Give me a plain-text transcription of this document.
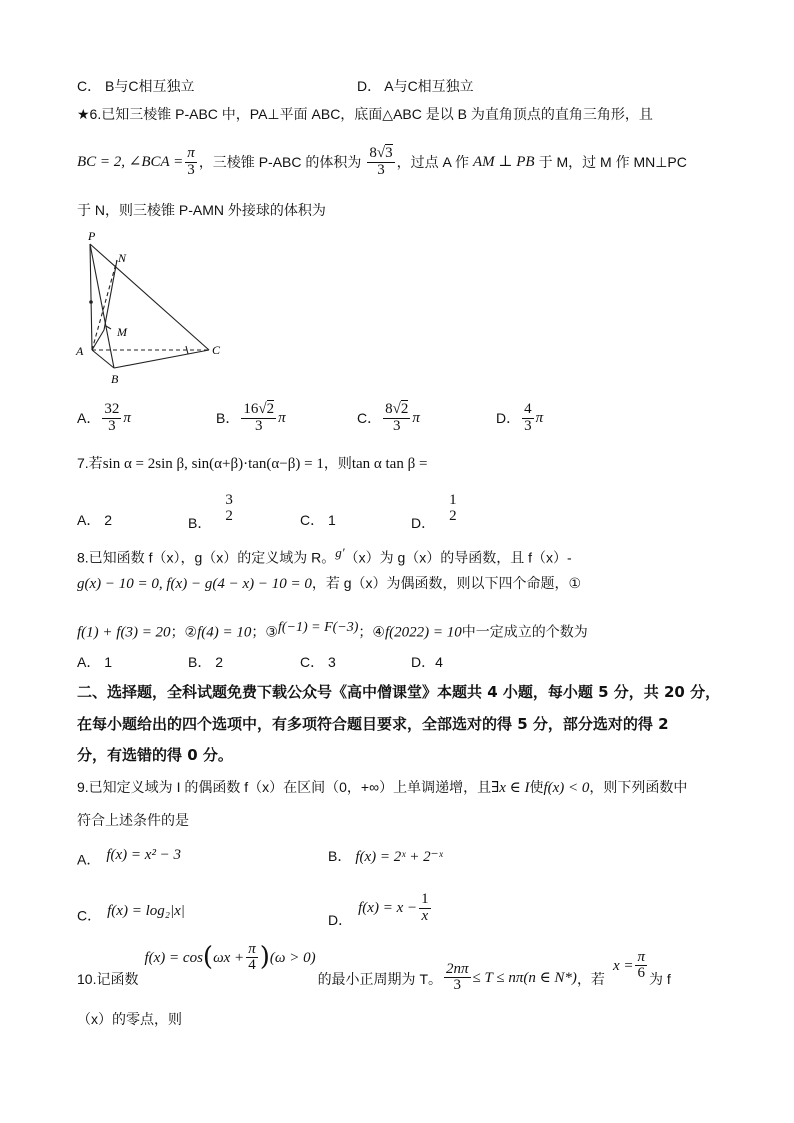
C． B与C相互独立	D． A与C相互独立
★6.已知三棱锥 P-ABC 中，PA⊥平面 ABC，底面△ABC 是以 B 为直角顶点的直角三角形，且
BC = 2, ∠BCA = $\frac{\pi}{3}$ ，三棱锥 P-ABC 的体积为 $\frac{8√3}{3}$ ，过点 A 作 AM ⊥ PB 于 M，过 M 作 MN⊥PC
于 N，则三棱锥 P-AMN 外接球的体积为
P
N
M
A
B
C
A． $\frac{32}{3}$ π	B． $\frac{16√2}{3}$ π	C． $\frac{8√2}{3}$ π	D． $\frac{4}{3}$ π
7.若sin α = 2sin β, sin(α+β)·tan(α−β) = 1，则tan α tan β =
A． 2	B．
3
2	C． 1	D．
1
2
8.已知函数 f（x），g（x）的定义域为 R。$^{g'}$（x）为 g（x）的导函数，且 f（x）-
g(x) − 10 = 0, f(x) − g(4 − x) − 10 = 0，若 g（x）为偶函数，则以下四个命题，①
f(1) + f(3) = 20；②f(4) = 10；③$^{f(-1) = F(-3)}$；④f(2022) = 10中一定成立的个数为
A． 1	B． 2	C． 3	D．4
二、选择题，全科试题免费下载公众号《高中僧课堂》本题共 4 小题，每小题 5 分，共 20 分，
在每小题给出的四个选项中，有多项符合题目要求，全部选对的得 5 分，部分选对的得 2
分，有选错的得 0 分。
9.已知定义域为 I 的偶函数 f（x）在区间（0，+∞）上单调递增，且∃x ∈ I使f(x) < 0，则下列函数中
符合上述条件的是
A． $^{f(x) = x^2 - 3}$	B． f(x) = 2ˣ + 2⁻ˣ
C． $^{f(x) = log_2|x|}$
D．
$f(x) = x - \frac{1}{x}$
10.记函数
f(x) = cos ( $\omega x + \frac{\pi}{4}$ ) (ω > 0)
的最小正周期为 T。 $\frac{2n\pi}{3} \le T \le n\pi(n$ ∈ N*) ，若
$x = \frac{\pi}{6}$ 为 f
（x）的零点，则
